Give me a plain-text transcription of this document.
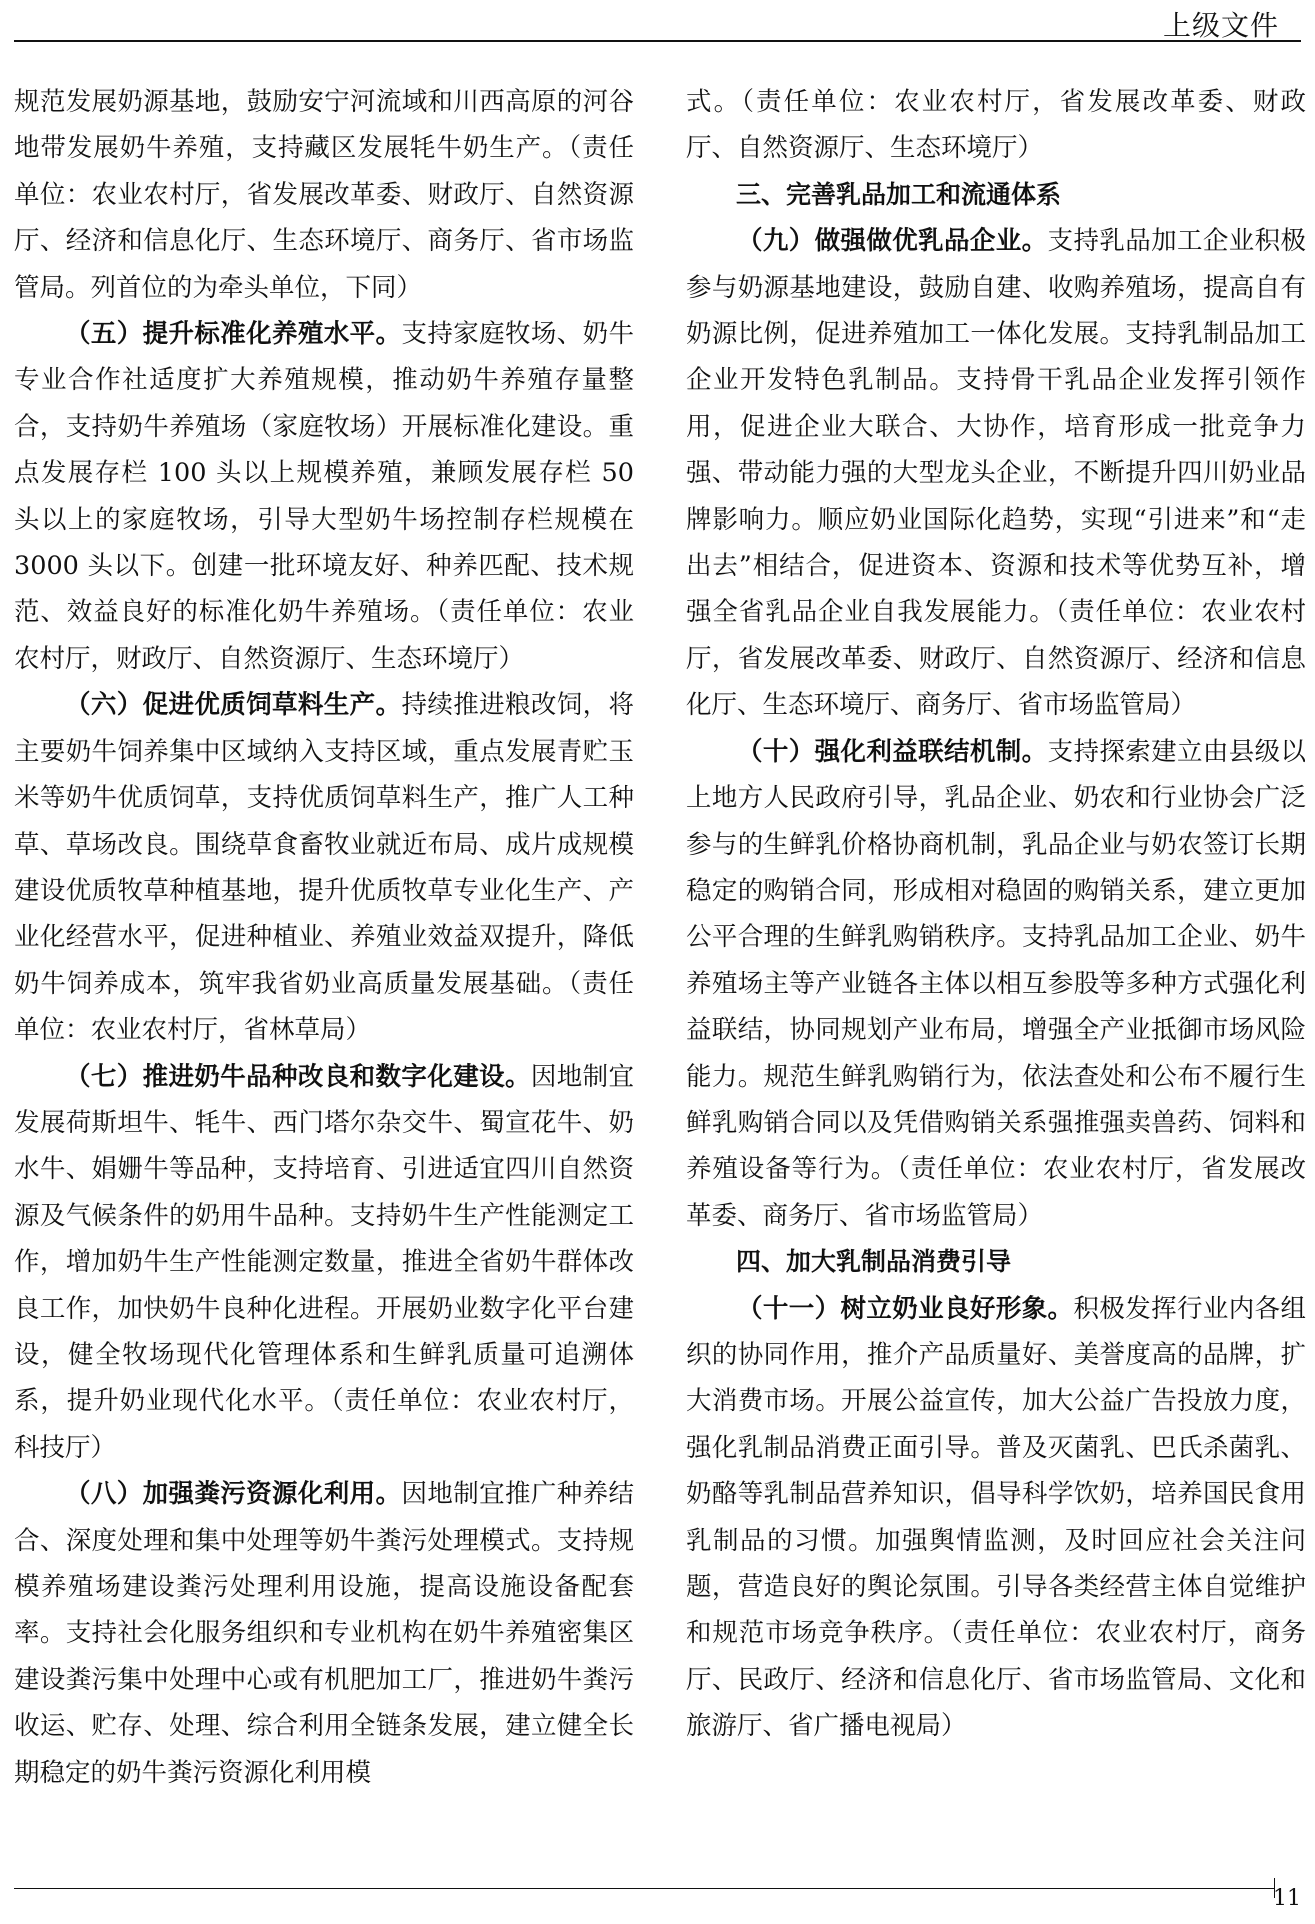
上级文件

规范发展奶源基地，鼓励安宁河流域和川西高原的河谷地带发展奶牛养殖，支持藏区发展牦牛奶生产。（责任单位：农业农村厅，省发展改革委、财政厅、自然资源厅、经济和信息化厅、生态环境厅、商务厅、省市场监管局。列首位的为牵头单位，下同）

（五）提升标准化养殖水平。支持家庭牧场、奶牛专业合作社适度扩大养殖规模，推动奶牛养殖存量整合，支持奶牛养殖场（家庭牧场）开展标准化建设。重点发展存栏 100 头以上规模养殖，兼顾发展存栏 50 头以上的家庭牧场，引导大型奶牛场控制存栏规模在 3000 头以下。创建一批环境友好、种养匹配、技术规范、效益良好的标准化奶牛养殖场。（责任单位：农业农村厅，财政厅、自然资源厅、生态环境厅）

（六）促进优质饲草料生产。持续推进粮改饲，将主要奶牛饲养集中区域纳入支持区域，重点发展青贮玉米等奶牛优质饲草，支持优质饲草料生产，推广人工种草、草场改良。围绕草食畜牧业就近布局、成片成规模建设优质牧草种植基地，提升优质牧草专业化生产、产业化经营水平，促进种植业、养殖业效益双提升，降低奶牛饲养成本，筑牢我省奶业高质量发展基础。（责任单位：农业农村厅，省林草局）

（七）推进奶牛品种改良和数字化建设。因地制宜发展荷斯坦牛、牦牛、西门塔尔杂交牛、蜀宣花牛、奶水牛、娟姗牛等品种，支持培育、引进适宜四川自然资源及气候条件的奶用牛品种。支持奶牛生产性能测定工作，增加奶牛生产性能测定数量，推进全省奶牛群体改良工作，加快奶牛良种化进程。开展奶业数字化平台建设，健全牧场现代化管理体系和生鲜乳质量可追溯体系，提升奶业现代化水平。（责任单位：农业农村厅，科技厅）

（八）加强粪污资源化利用。因地制宜推广种养结合、深度处理和集中处理等奶牛粪污处理模式。支持规模养殖场建设粪污处理利用设施，提高设施设备配套率。支持社会化服务组织和专业机构在奶牛养殖密集区建设粪污集中处理中心或有机肥加工厂，推进奶牛粪污收运、贮存、处理、综合利用全链条发展，建立健全长期稳定的奶牛粪污资源化利用模

式。（责任单位：农业农村厅，省发展改革委、财政厅、自然资源厅、生态环境厅）

三、完善乳品加工和流通体系

（九）做强做优乳品企业。支持乳品加工企业积极参与奶源基地建设，鼓励自建、收购养殖场，提高自有奶源比例，促进养殖加工一体化发展。支持乳制品加工企业开发特色乳制品。支持骨干乳品企业发挥引领作用，促进企业大联合、大协作，培育形成一批竞争力强、带动能力强的大型龙头企业，不断提升四川奶业品牌影响力。顺应奶业国际化趋势，实现“引进来”和“走出去”相结合，促进资本、资源和技术等优势互补，增强全省乳品企业自我发展能力。（责任单位：农业农村厅，省发展改革委、财政厅、自然资源厅、经济和信息化厅、生态环境厅、商务厅、省市场监管局）

（十）强化利益联结机制。支持探索建立由县级以上地方人民政府引导，乳品企业、奶农和行业协会广泛参与的生鲜乳价格协商机制，乳品企业与奶农签订长期稳定的购销合同，形成相对稳固的购销关系，建立更加公平合理的生鲜乳购销秩序。支持乳品加工企业、奶牛养殖场主等产业链各主体以相互参股等多种方式强化利益联结，协同规划产业布局，增强全产业抵御市场风险能力。规范生鲜乳购销行为，依法查处和公布不履行生鲜乳购销合同以及凭借购销关系强推强卖兽药、饲料和养殖设备等行为。（责任单位：农业农村厅，省发展改革委、商务厅、省市场监管局）

四、加大乳制品消费引导

（十一）树立奶业良好形象。积极发挥行业内各组织的协同作用，推介产品质量好、美誉度高的品牌，扩大消费市场。开展公益宣传，加大公益广告投放力度，强化乳制品消费正面引导。普及灭菌乳、巴氏杀菌乳、奶酪等乳制品营养知识，倡导科学饮奶，培养国民食用乳制品的习惯。加强舆情监测，及时回应社会关注问题，营造良好的舆论氛围。引导各类经营主体自觉维护和规范市场竞争秩序。（责任单位：农业农村厅，商务厅、民政厅、经济和信息化厅、省市场监管局、文化和旅游厅、省广播电视局）

11
